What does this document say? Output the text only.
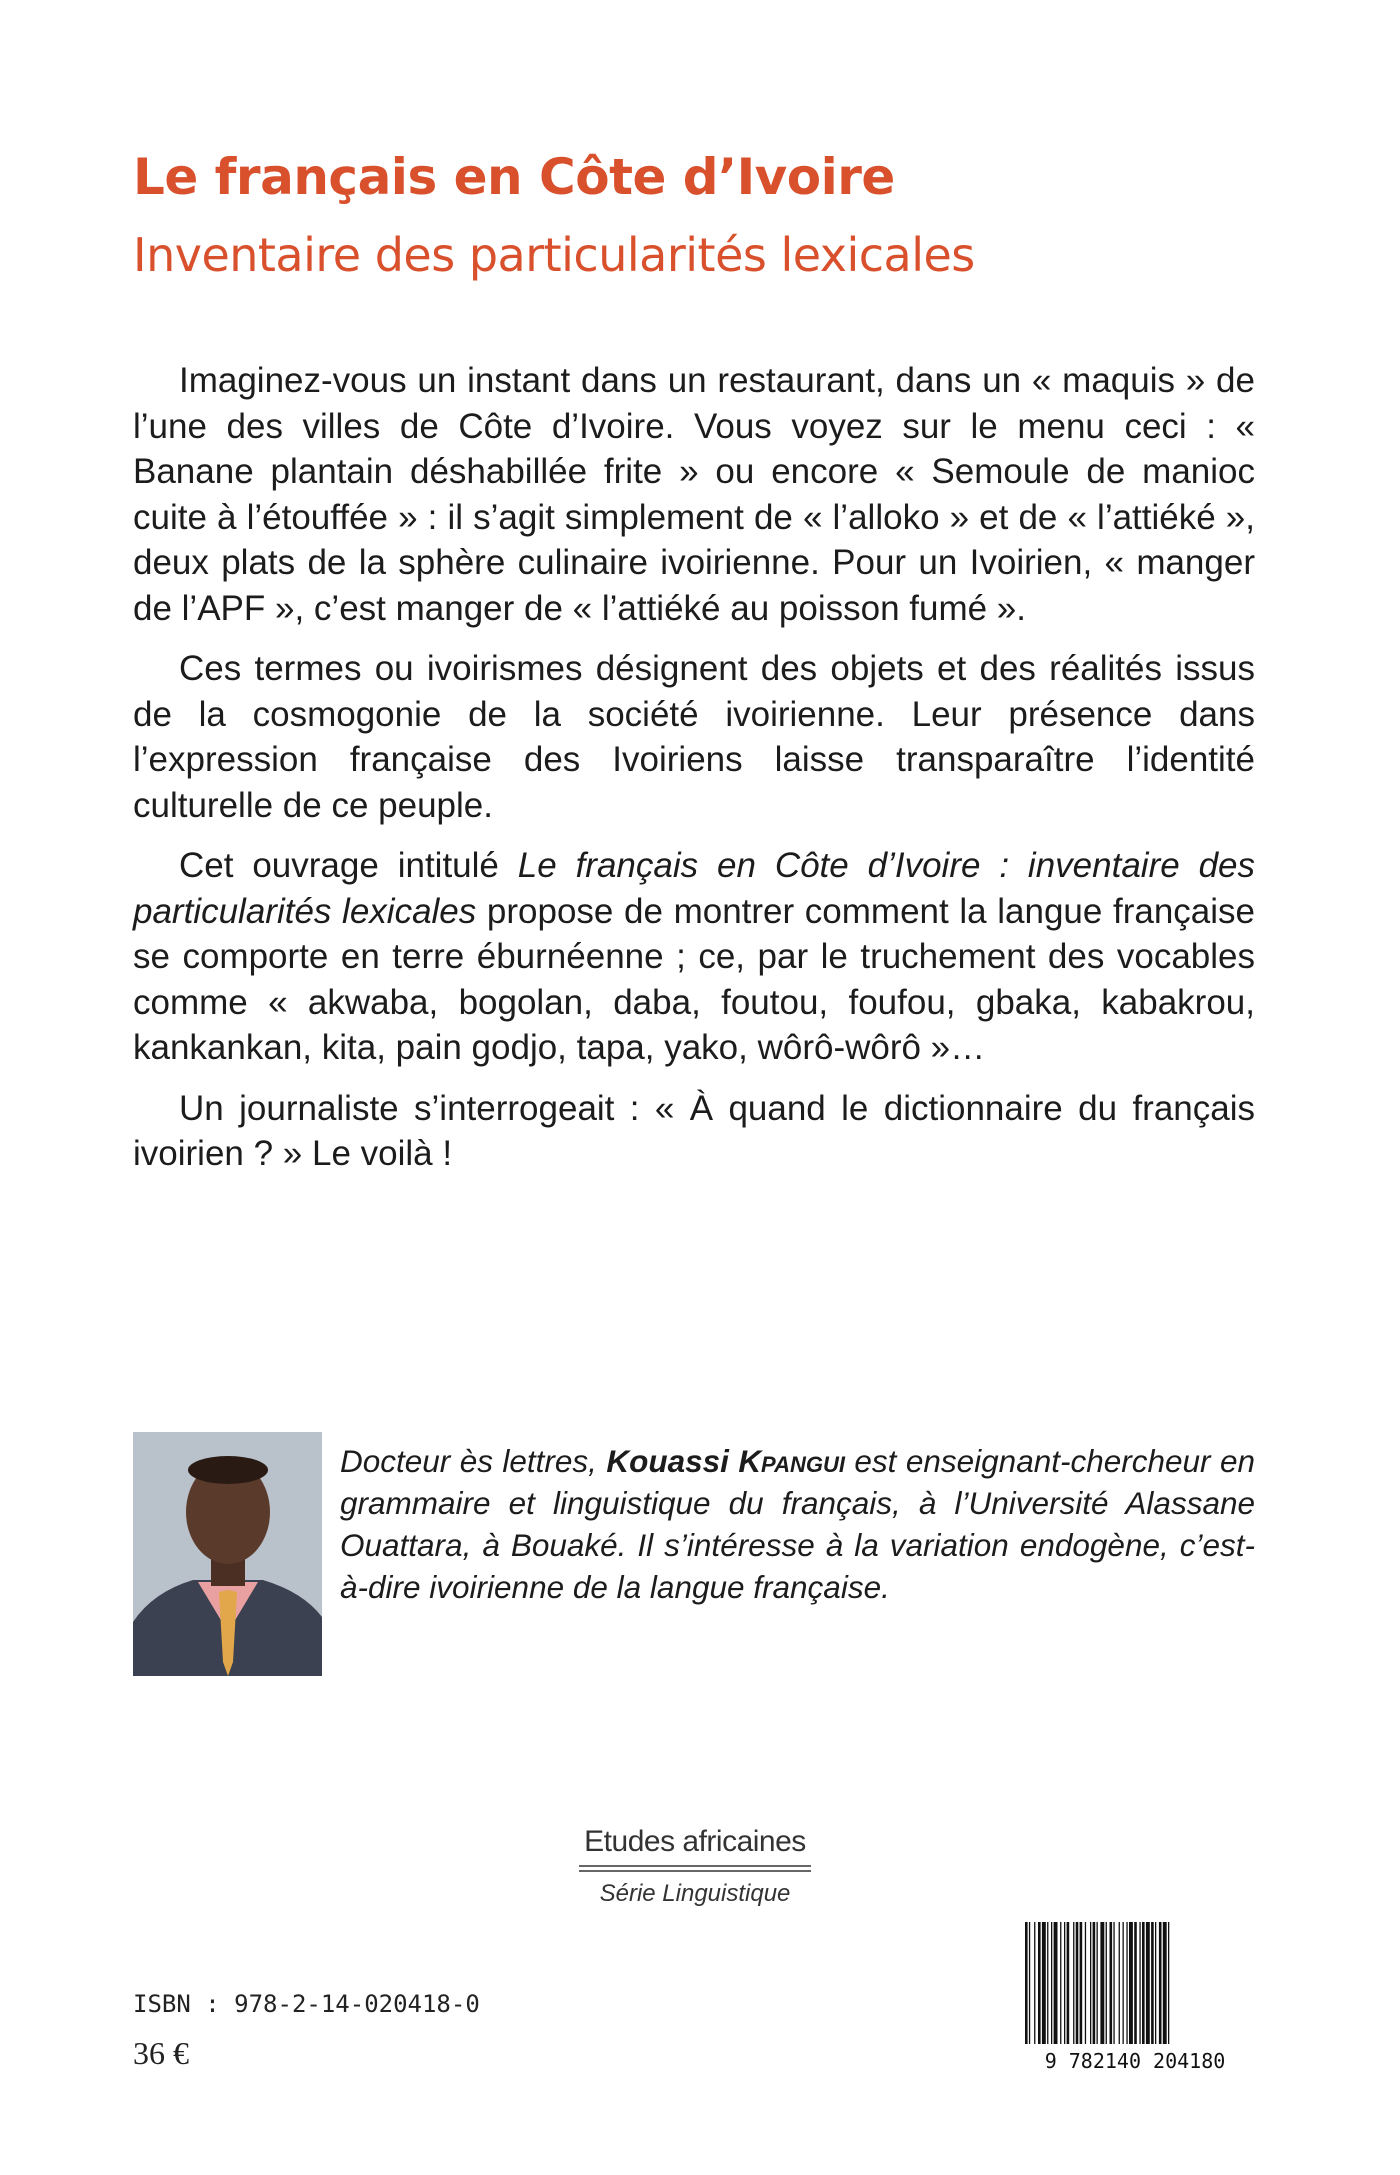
Le français en Côte d’Ivoire
Inventaire des particularités lexicales

Imaginez-vous un instant dans un restaurant, dans un « maquis » de l’une des villes de Côte d’Ivoire. Vous voyez sur le menu ceci : « Banane plantain déshabillée frite » ou encore « Semoule de manioc cuite à l’étouffée » : il s’agit simplement de « l’alloko » et de « l’attiéké », deux plats de la sphère culinaire ivoirienne. Pour un Ivoirien, « manger de l’APF », c’est manger de « l’attiéké au poisson fumé ».

Ces termes ou ivoirismes désignent des objets et des réalités issus de la cosmogonie de la société ivoirienne. Leur présence dans l’expression française des Ivoiriens laisse transparaître l’identité culturelle de ce peuple.

Cet ouvrage intitulé Le français en Côte d’Ivoire : inventaire des particularités lexicales propose de montrer comment la langue française se comporte en terre éburnéenne ; ce, par le truchement des vocables comme « akwaba, bogolan, daba, foutou, foufou, gbaka, kabakrou, kankankan, kita, pain godjo, tapa, yako, wôrô-wôrô »…

Un journaliste s’interrogeait : « À quand le dictionnaire du français ivoirien ? » Le voilà !

Docteur ès lettres, Kouassi Kpangui est enseignant-chercheur en grammaire et linguistique du français, à l’Université Alassane Ouattara, à Bouaké. Il s’intéresse à la variation endogène, c’est-à-dire ivoirienne de la langue française.

Etudes africaines
Série Linguistique
ISBN : 978-2-14-020418-0
36 €	9 782140 204180
